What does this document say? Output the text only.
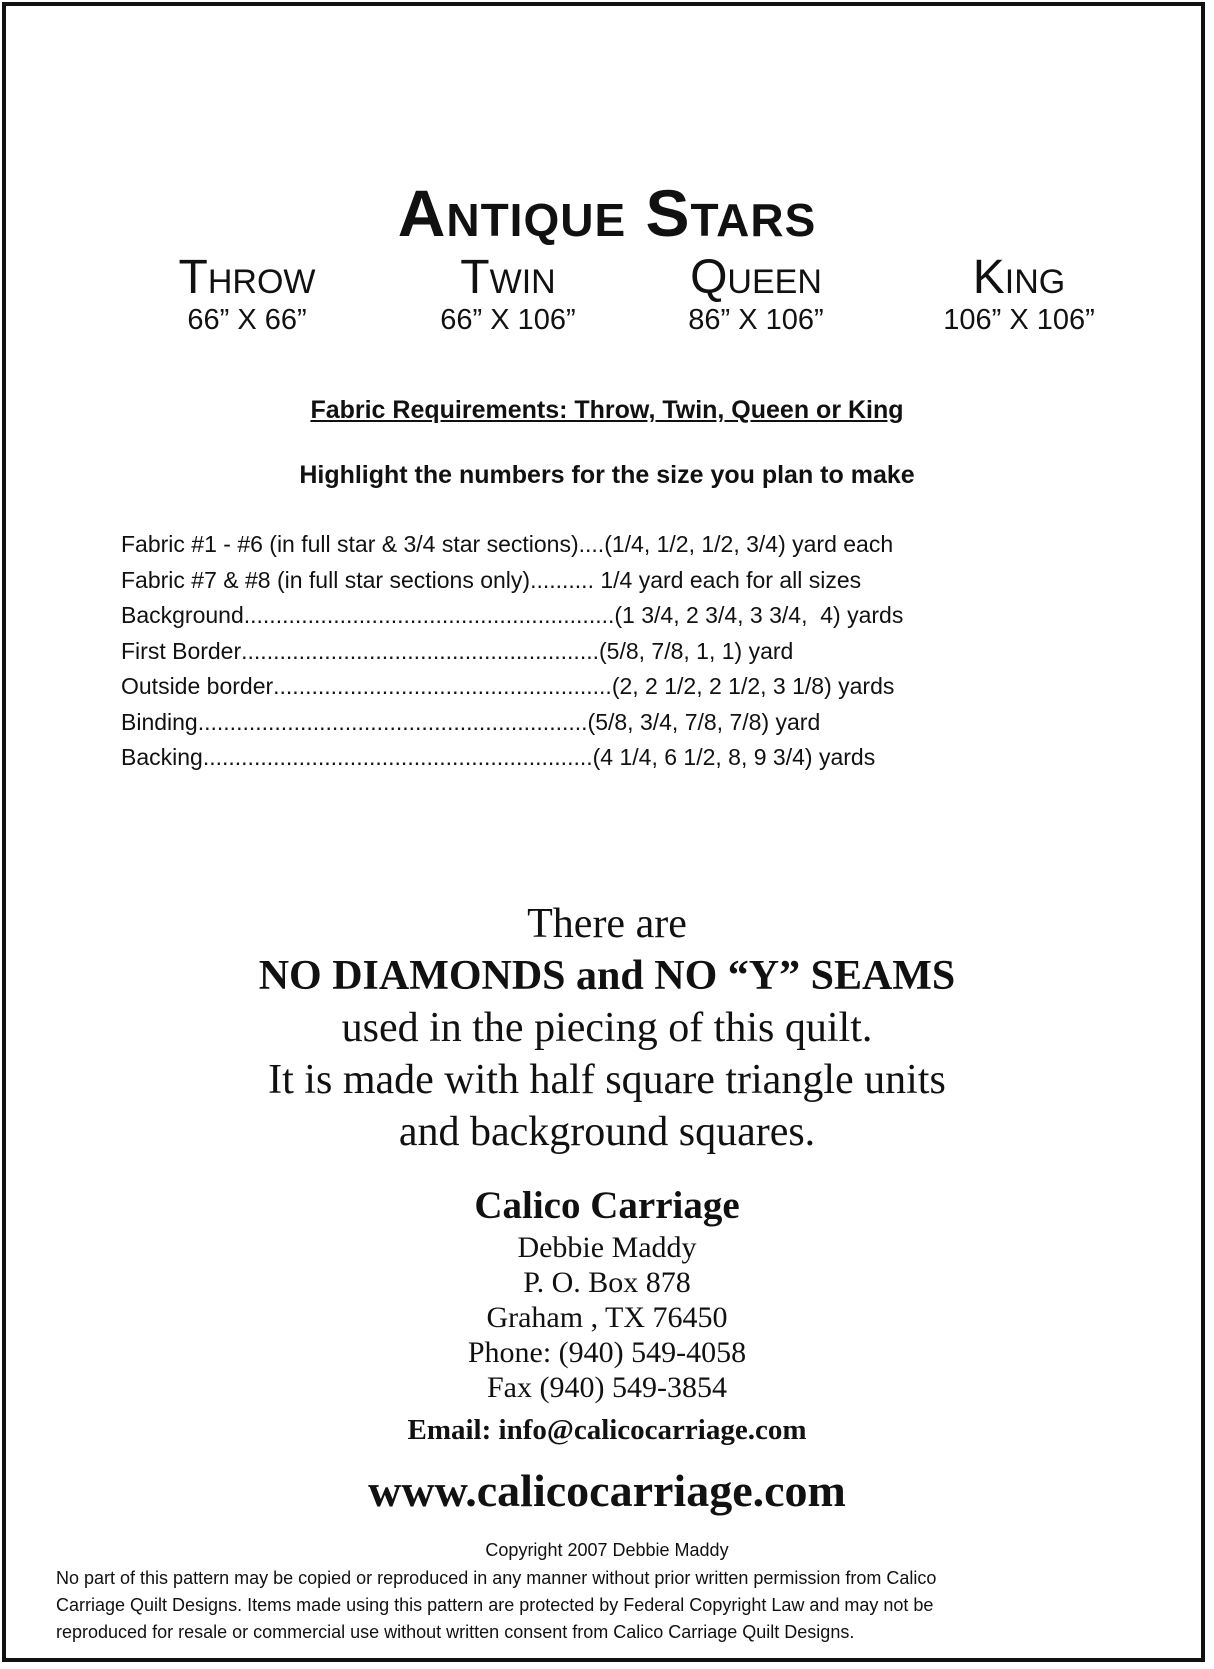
Antique Stars
Throw
66” X 66”
Twin
66” X 106”
Queen
86” X 106”
King
106” X 106”
Fabric Requirements: Throw, Twin, Queen or King
Highlight the numbers for the size you plan to make
Fabric #1 - #6 (in full star & 3/4 star sections) .... (1/4, 1/2, 1/2, 3/4) yard each
Fabric #7 & #8 (in full star sections only) .......... 1/4 yard each for all sizes
Background .......................................................... (1 3/4, 2 3/4, 3 3/4,  4) yards
First Border ........................................................ (5/8, 7/8, 1, 1) yard
Outside border ..................................................... (2, 2 1/2, 2 1/2, 3 1/8) yards
Binding ............................................................. (5/8, 3/4, 7/8, 7/8) yard
Backing ............................................................. (4 1/4, 6 1/2, 8, 9 3/4) yards
There are
NO DIAMONDS and NO “Y” SEAMS
used in the piecing of this quilt.
It is made with half square triangle units
and background squares.
Calico Carriage
Debbie Maddy
P. O. Box 878
Graham , TX 76450
Phone: (940) 549-4058
Fax (940) 549-3854
Email: info@calicocarriage.com
www.calicocarriage.com
Copyright 2007 Debbie Maddy
No part of this pattern may be copied or reproduced in any manner without prior written permission from Calico
Carriage Quilt Designs. Items made using this pattern are protected by Federal Copyright Law and may not be
reproduced for resale or commercial use without written consent from Calico Carriage Quilt Designs.
